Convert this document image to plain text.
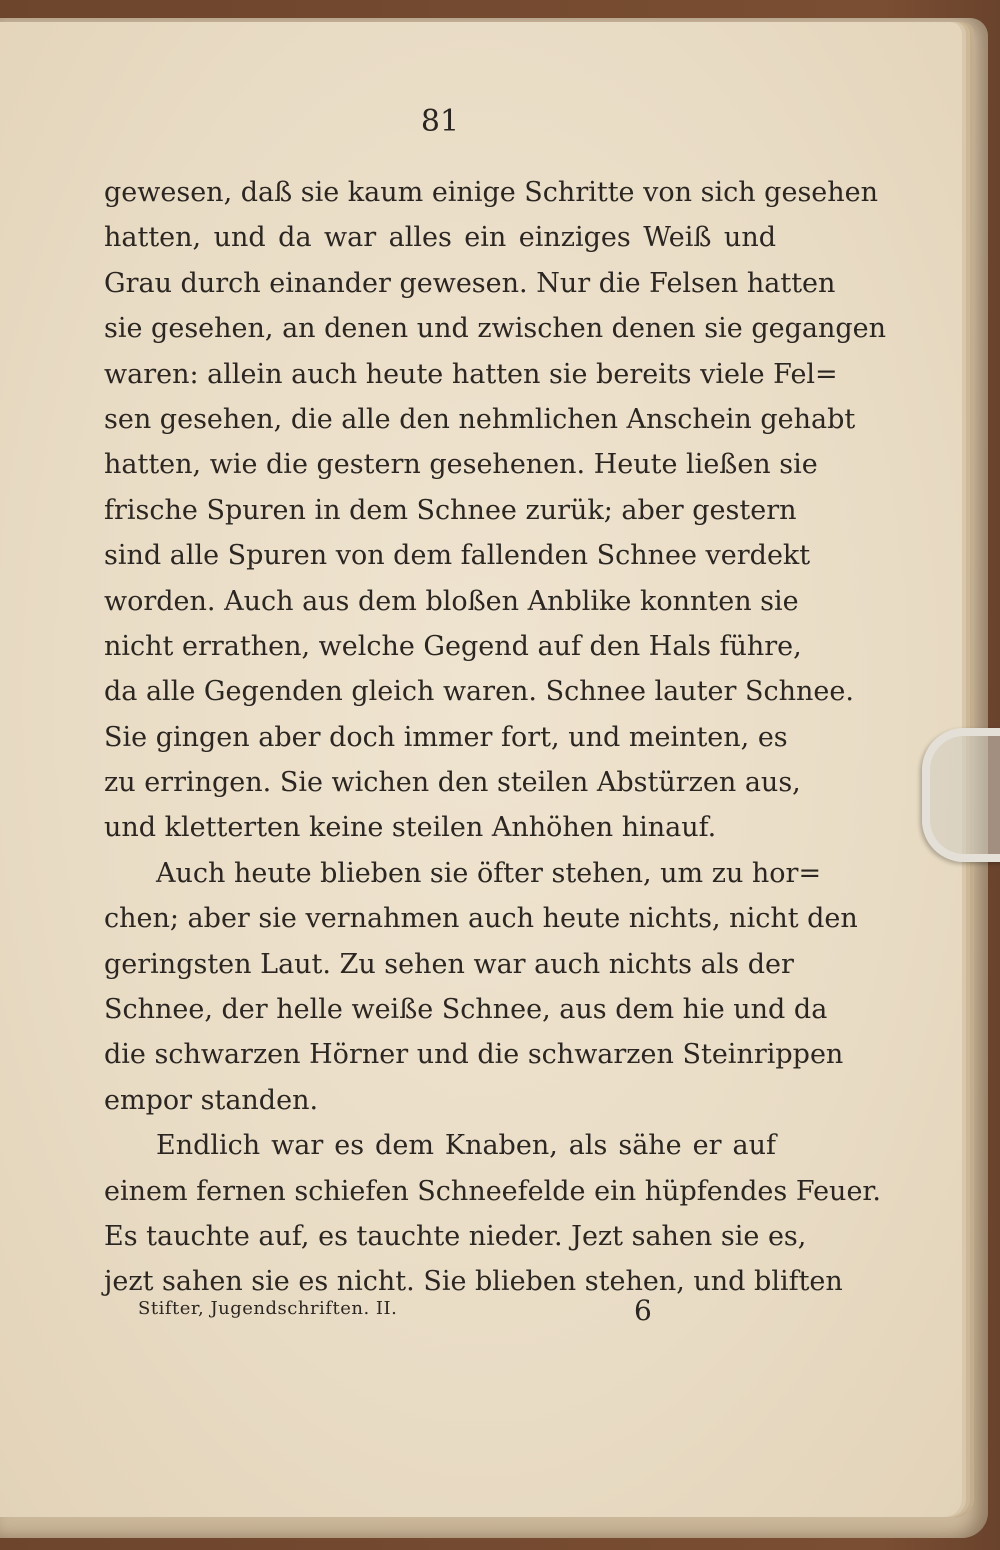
81
gewesen, daß sie kaum einige Schritte von sich gesehen
hatten, und da war alles ein einziges Weiß und
Grau durch einander gewesen. Nur die Felsen hatten
sie gesehen, an denen und zwischen denen sie gegangen
waren: allein auch heute hatten sie bereits viele Fel=
sen gesehen, die alle den nehmlichen Anschein gehabt
hatten, wie die gestern gesehenen. Heute ließen sie
frische Spuren in dem Schnee zurük; aber gestern
sind alle Spuren von dem fallenden Schnee verdekt
worden. Auch aus dem bloßen Anblike konnten sie
nicht errathen, welche Gegend auf den Hals führe,
da alle Gegenden gleich waren. Schnee lauter Schnee.
Sie gingen aber doch immer fort, und meinten, es
zu erringen. Sie wichen den steilen Abstürzen aus,
und kletterten keine steilen Anhöhen hinauf.
Auch heute blieben sie öfter stehen, um zu hor=
chen; aber sie vernahmen auch heute nichts, nicht den
geringsten Laut. Zu sehen war auch nichts als der
Schnee, der helle weiße Schnee, aus dem hie und da
die schwarzen Hörner und die schwarzen Steinrippen
empor standen.
Endlich war es dem Knaben, als sähe er auf
einem fernen schiefen Schneefelde ein hüpfendes Feuer.
Es tauchte auf, es tauchte nieder. Jezt sahen sie es,
jezt sahen sie es nicht. Sie blieben stehen, und bliften
Stifter, Jugendschriften. II.	6
